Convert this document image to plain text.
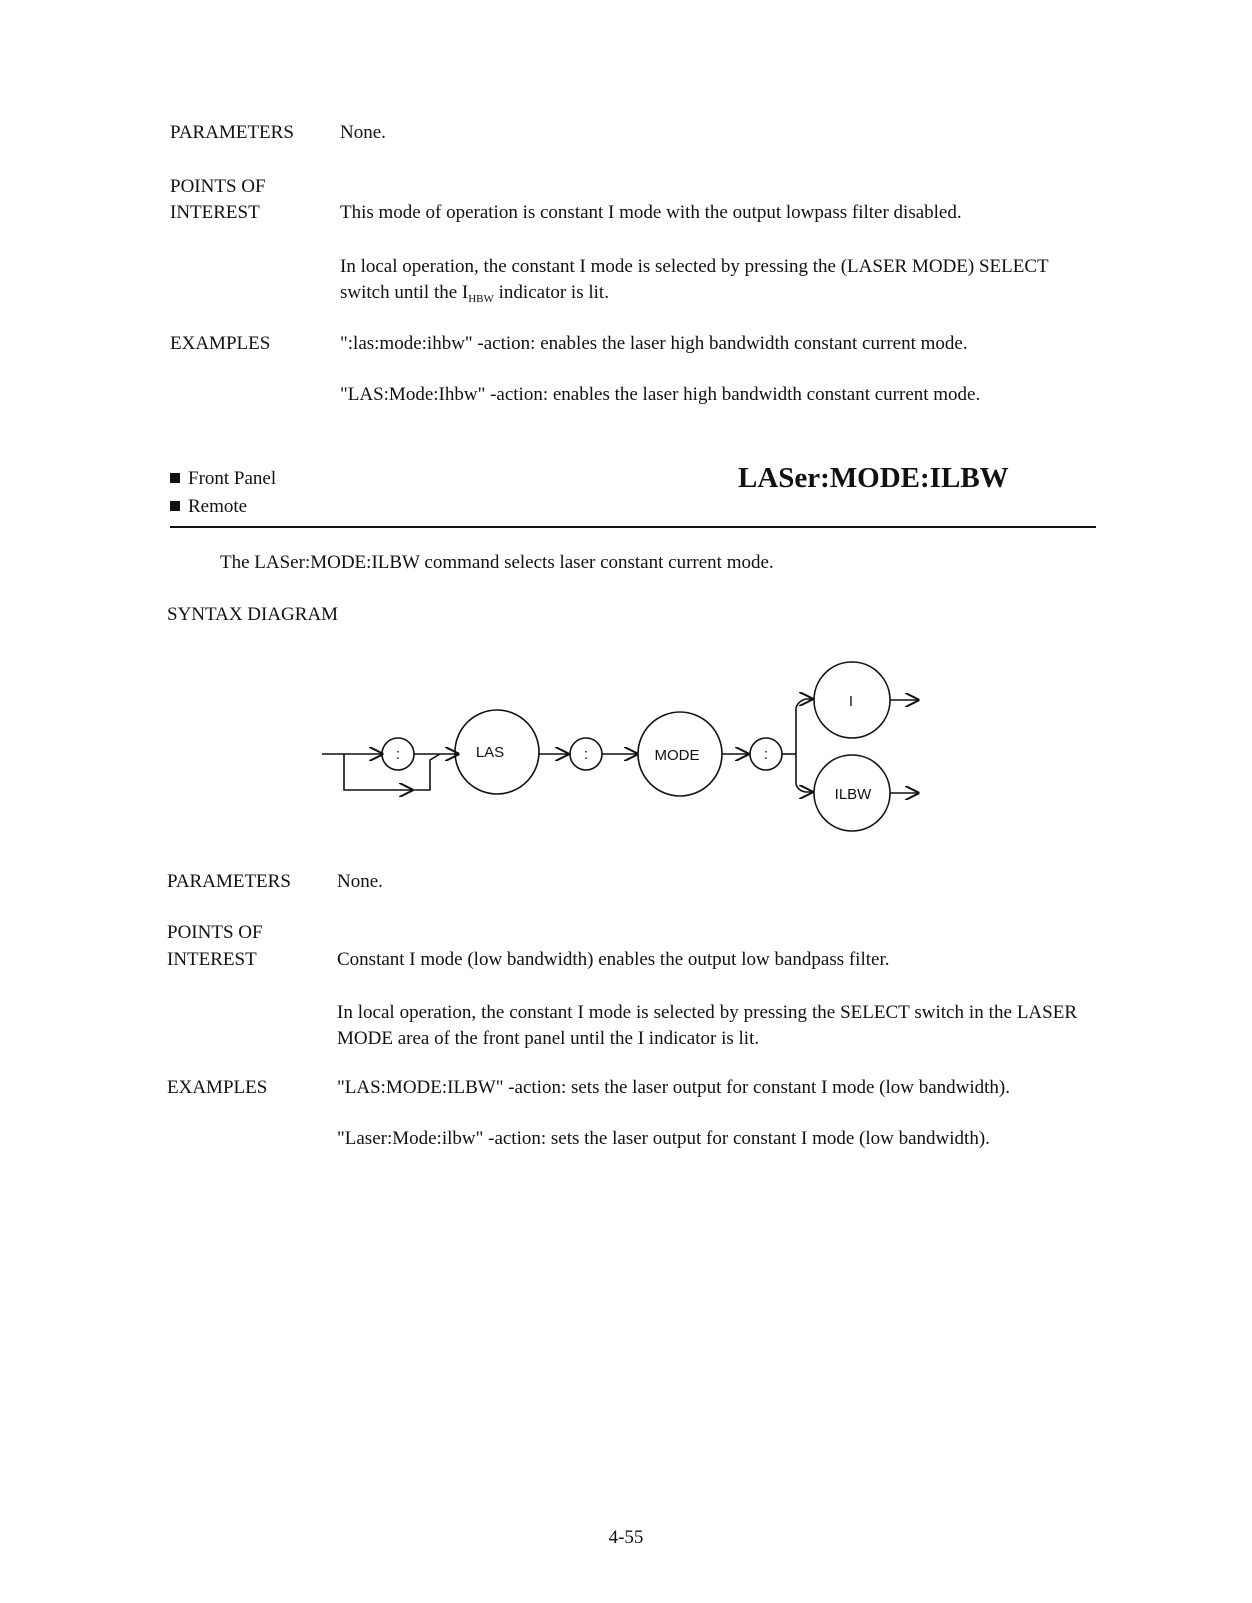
PARAMETERS None.
POINTS OF
INTEREST	This mode of operation is constant I mode with the output lowpass filter disabled.
In local operation, the constant I mode is selected by pressing the (LASER MODE) SELECT switch until the $I_{HBW}$ indicator is lit.
EXAMPLES	":las:mode:ihbw" -action: enables the laser high bandwidth constant current mode.
"LAS:Mode:Ihbw" -action: enables the laser high bandwidth constant current mode.
Front Panel
Remote
LASer:MODE:ILBW
The LASer:MODE:ILBW command selects laser constant current mode.
SYNTAX DIAGRAM
:	LAS	:	MODE	:
I
ILBW
PARAMETERS None.
POINTS OF
INTEREST	Constant I mode (low bandwidth) enables the output low bandpass filter.
In local operation, the constant I mode is selected by pressing the SELECT switch in the LASER MODE area of the front panel until the I indicator is lit.
EXAMPLES	"LAS:MODE:ILBW" -action: sets the laser output for constant I mode (low bandwidth).
"Laser:Mode:ilbw" -action: sets the laser output for constant I mode (low bandwidth).
4-55
